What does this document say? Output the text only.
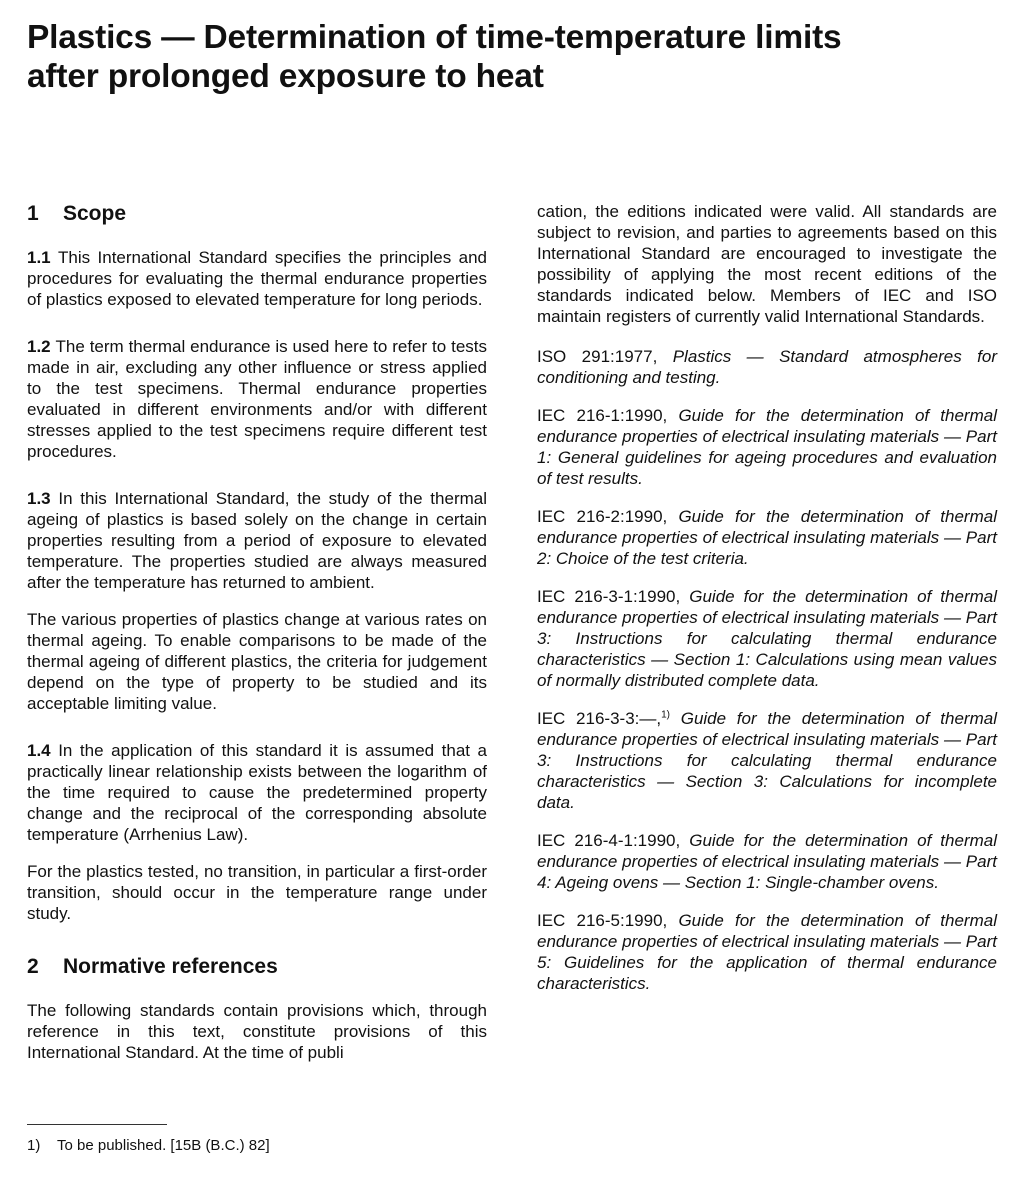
Plastics — Determination of time-temperature limits
after prolonged exposure to heat
1 Scope

1.1 This International Standard specifies the principles and procedures for evaluating the thermal endurance properties of plastics exposed to elevated temperature for long periods.

1.2 The term thermal endurance is used here to refer to tests made in air, excluding any other influence or stress applied to the test specimens. Thermal endurance properties evaluated in different environments and/or with different stresses applied to the test specimens require different test procedures.

1.3 In this International Standard, the study of the thermal ageing of plastics is based solely on the change in certain properties resulting from a period of exposure to elevated temperature. The properties studied are always measured after the temperature has returned to ambient.

The various properties of plastics change at various rates on thermal ageing. To enable comparisons to be made of the thermal ageing of different plastics, the criteria for judgement depend on the type of property to be studied and its acceptable limiting value.

1.4 In the application of this standard it is assumed that a practically linear relationship exists between the logarithm of the time required to cause the predetermined property change and the reciprocal of the corresponding absolute temperature (Arrhenius Law).

For the plastics tested, no transition, in particular a first-order transition, should occur in the temperature range under study.

2 Normative references

The following standards contain provisions which, through reference in this text, constitute provisions of this International Standard. At the time of publi

cation, the editions indicated were valid. All standards are subject to revision, and parties to agreements based on this International Standard are encouraged to investigate the possibility of applying the most recent editions of the standards indicated below. Members of IEC and ISO maintain registers of currently valid International Standards.

ISO 291:1977, Plastics — Standard atmospheres for conditioning and testing.

IEC 216-1:1990, Guide for the determination of thermal endurance properties of electrical insulating materials — Part 1: General guidelines for ageing procedures and evaluation of test results.

IEC 216-2:1990, Guide for the determination of thermal endurance properties of electrical insulating materials — Part 2: Choice of the test criteria.

IEC 216-3-1:1990, Guide for the determination of thermal endurance properties of electrical insulating materials — Part 3: Instructions for calculating thermal endurance characteristics — Section 1: Calculations using mean values of normally distributed complete data.

IEC 216-3-3:—,$^{1)}$ Guide for the determination of thermal endurance properties of electrical insulating materials — Part 3: Instructions for calculating thermal endurance characteristics — Section 3: Calculations for incomplete data.

IEC 216-4-1:1990, Guide for the determination of thermal endurance properties of electrical insulating materials — Part 4: Ageing ovens — Section 1: Single-chamber ovens.

IEC 216-5:1990, Guide for the determination of thermal endurance properties of electrical insulating materials — Part 5: Guidelines for the application of thermal endurance characteristics.

1) To be published. [15B (B.C.) 82]
